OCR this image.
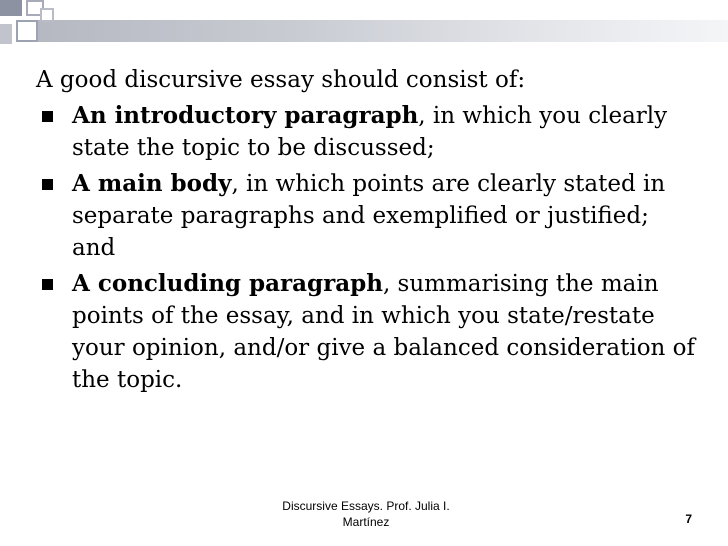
A good discursive essay should consist of:

An introductory paragraph, in which you clearly state the topic to be discussed;
A main body, in which points are clearly stated in separate paragraphs and exemplified or justified; and
A concluding paragraph, summarising the main points of the essay, and in which you state/restate your opinion, and/or give a balanced consideration of the topic.
Discursive Essays. Prof. Julia I. Martínez	7
